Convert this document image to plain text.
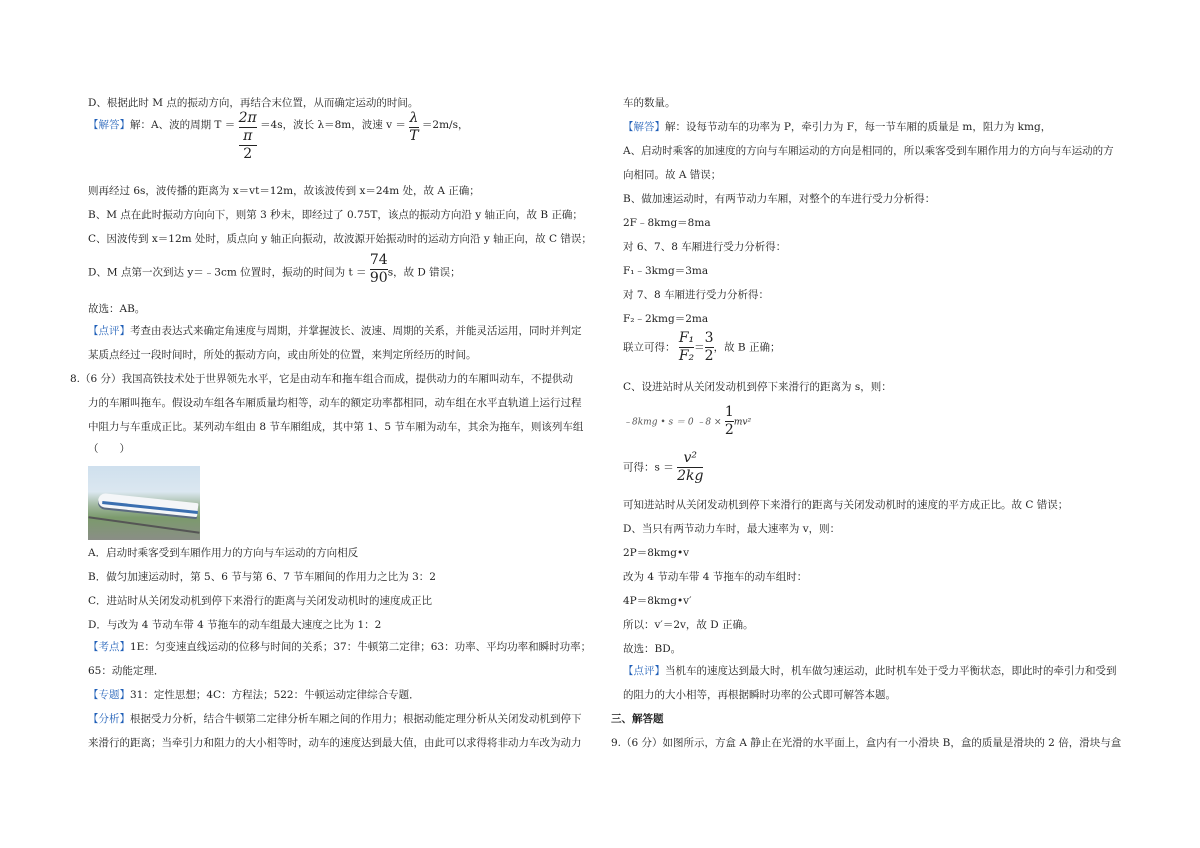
D、根据此时 M 点的振动方向，再结合末位置，从而确定运动的时间。
【解答】解：A、波的周期 T ＝ 2π
π
2 ＝4s，波长 λ＝8m，波速 $v = \frac{\lambda}{T} =2m/s$，
则再经过 6s，波传播的距离为 x＝vt＝12m，故该波传到 x＝24m 处，故 A 正确；
B、M 点在此时振动方向向下，则第 3 秒末，即经过了 0.75T，该点的振动方向沿 y 轴正向，故 B 正确；
C、因波传到 x＝12m 处时，质点向 y 轴正向振动，故波源开始振动时的运动方向沿 y 轴正向，故 C 错误；
D、M 点第一次到达 y＝﹣3cm 位置时，振动的时间为 $t = \frac{74}{90}s$，故 D 错误；
故选：AB。
【点评】考查由表达式来确定角速度与周期，并掌握波长、波速、周期的关系，并能灵活运用，同时并判定
某质点经过一段时间时，所处的振动方向，或由所处的位置，来判定所经历的时间。
8.（6 分）我国高铁技术处于世界领先水平，它是由动车和拖车组合而成，提供动力的车厢叫动车，不提供动
力的车厢叫拖车。假设动车组各车厢质量均相等，动车的额定功率都相同，动车组在水平直轨道上运行过程
中阻力与车重成正比。某列动车组由 8 节车厢组成，其中第 1、5 节车厢为动车，其余为拖车，则该列车组
（　　）
A．启动时乘客受到车厢作用力的方向与车运动的方向相反
B．做匀加速运动时，第 5、6 节与第 6、7 节车厢间的作用力之比为 3：2
C．进站时从关闭发动机到停下来滑行的距离与关闭发动机时的速度成正比
D．与改为 4 节动车带 4 节拖车的动车组最大速度之比为 1：2
【考点】1E：匀变速直线运动的位移与时间的关系；37：牛顿第二定律；63：功率、平均功率和瞬时功率；
65：动能定理．
【专题】31：定性思想；4C：方程法；522：牛顿运动定律综合专题．
【分析】根据受力分析，结合牛顿第二定律分析车厢之间的作用力；根据动能定理分析从关闭发动机到停下
来滑行的距离；当牵引力和阻力的大小相等时，动车的速度达到最大值，由此可以求得将非动力车改为动力
车的数量。
【解答】解：设每节动车的功率为 P，牵引力为 F，每一节车厢的质量是 m，阻力为 kmg，
A、启动时乘客的加速度的方向与车厢运动的方向是相同的，所以乘客受到车厢作用力的方向与车运动的方
向相同。故 A 错误；
B、做加速运动时，有两节动力车厢，对整个的车进行受力分析得：
2F﹣8kmg＝8ma
对 6、7、8 车厢进行受力分析得：
F₁﹣3kmg＝3ma
对 7、8 车厢进行受力分析得：
F₂﹣2kmg＝2ma
联立可得： $\frac{\text{F₁}}{\text{F₂}}=\frac{3}{2}$，故 B 正确；
C、设进站时从关闭发动机到停下来滑行的距离为 s，则：
﹣8kmg • s ＝ 0 ﹣8 × $\frac{1}{2}mv^2$
可得：$s = \frac{\text{v²}}{2kg}$
可知进站时从关闭发动机到停下来滑行的距离与关闭发动机时的速度的平方成正比。故 C 错误；
D、当只有两节动力车时，最大速率为 v，则：
2P＝8kmg•v
改为 4 节动车带 4 节拖车的动车组时：
4P＝8kmg•v′
所以：v′＝2v，故 D 正确。
故选：BD。
【点评】当机车的速度达到最大时，机车做匀速运动，此时机车处于受力平衡状态，即此时的牵引力和受到
的阻力的大小相等，再根据瞬时功率的公式即可解答本题。
三、解答题
9.（6 分）如图所示，方盒 A 静止在光滑的水平面上，盒内有一小滑块 B，盒的质量是滑块的 2 倍，滑块与盒
